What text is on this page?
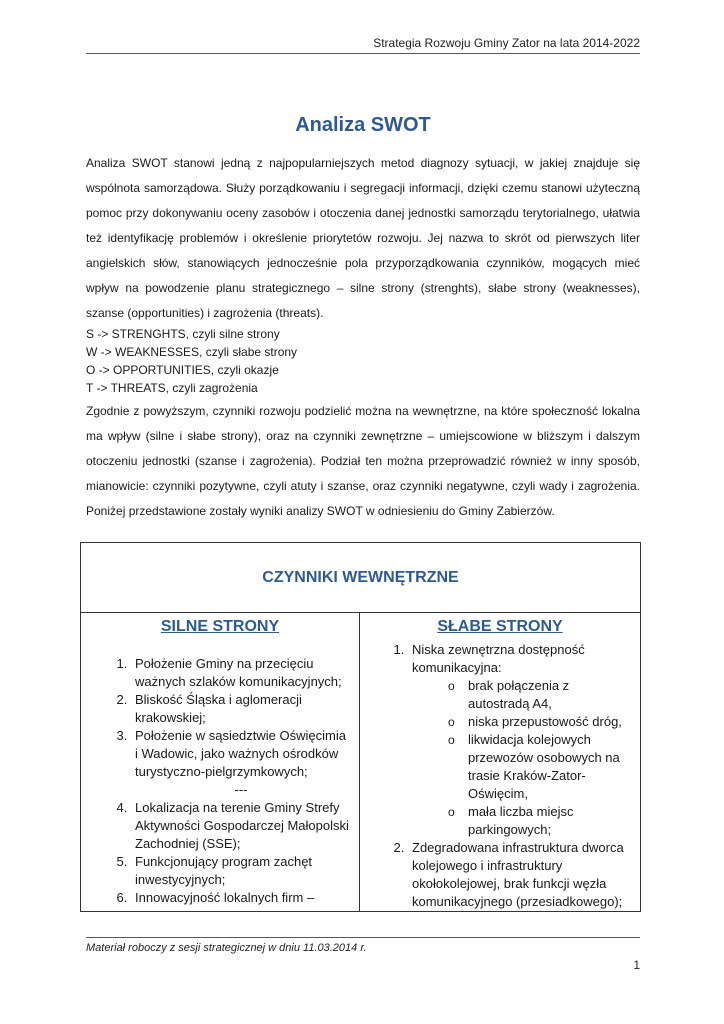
Strategia Rozwoju Gminy Zator na lata 2014-2022
Analiza SWOT

Analiza SWOT stanowi jedną z najpopularniejszych metod diagnozy sytuacji, w jakiej znajduje się wspólnota samorządowa. Służy porządkowaniu i segregacji informacji, dzięki czemu stanowi użyteczną pomoc przy dokonywaniu oceny zasobów i otoczenia danej jednostki samorządu terytorialnego, ułatwia też identyfikację problemów i określenie priorytetów rozwoju. Jej nazwa to skrót od pierwszych liter angielskich słów, stanowiących jednocześnie pola przyporządkowania czynników, mogących mieć wpływ na powodzenie planu strategicznego – silne strony (strenghts), słabe strony (weaknesses), szanse (opportunities) i zagrożenia (threats).

S -> STRENGHTS, czyli silne strony
W -> WEAKNESSES, czyli słabe strony
O -> OPPORTUNITIES, czyli okazje
T -> THREATS, czyli zagrożenia

Zgodnie z powyższym, czynniki rozwoju podzielić można na wewnętrzne, na które społeczność lokalna ma wpływ (silne i słabe strony), oraz na czynniki zewnętrzne – umiejscowione w bliższym i dalszym otoczeniu jednostki (szanse i zagrożenia). Podział ten można przeprowadzić również w inny sposób, mianowicie: czynniki pozytywne, czyli atuty i szanse, oraz czynniki negatywne, czyli wady i zagrożenia. Poniżej przedstawione zostały wyniki analizy SWOT w odniesieniu do Gminy Zabierzów.

CZYNNIKI WEWNĘTRZNE
SILNE STRONY
1. Położenie Gminy na przecięciu ważnych szlaków komunikacyjnych;
2. Bliskość Śląska i aglomeracji krakowskiej;
3. Położenie w sąsiedztwie Oświęcimia i Wadowic, jako ważnych ośrodków turystyczno-pielgrzymkowych;
---
4. Lokalizacja na terenie Gminy Strefy Aktywności Gospodarczej Małopolski Zachodniej (SSE);
5. Funkcjonujący program zachęt inwestycyjnych;
6. Innowacyjność lokalnych firm –
SŁABE STRONY
1. Niska zewnętrzna dostępność komunikacyjna:
o brak połączenia z autostradą A4,
o niska przepustowość dróg,
o likwidacja kolejowych przewozów osobowych na trasie Kraków-Zator-Oświęcim,
o mała liczba miejsc parkingowych;
2. Zdegradowana infrastruktura dworca kolejowego i infrastruktury okołokolejowej, brak funkcji węzła komunikacyjnego (przesiadkowego);
Materiał roboczy z sesji strategicznej w dniu 11.03.2014 r.
1
